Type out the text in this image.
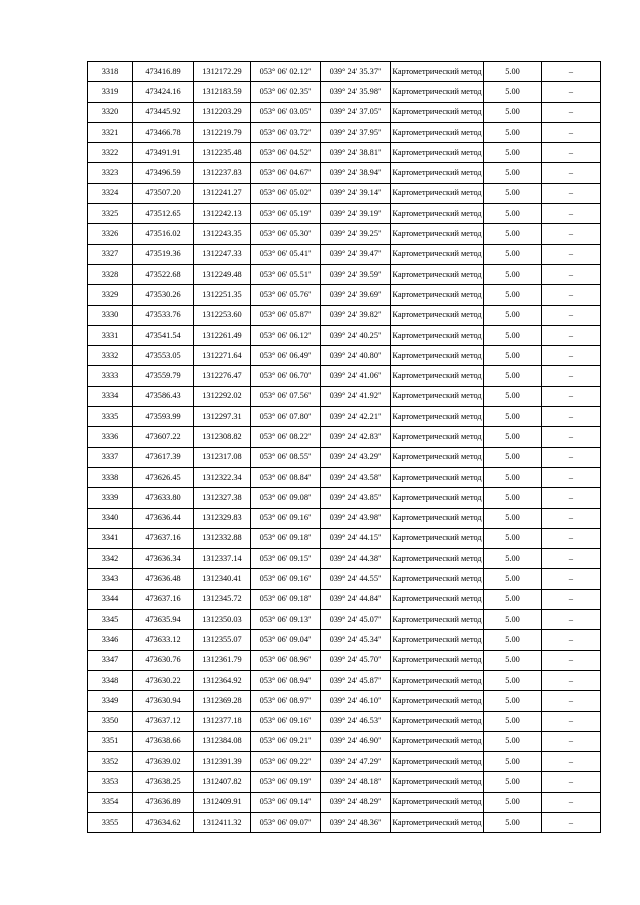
3318	473416.89	1312172.29	053° 06' 02.12"	039° 24' 35.37"	Картометрический метод	5.00	–
3319	473424.16	1312183.59	053° 06' 02.35"	039° 24' 35.98"	Картометрический метод	5.00	–
3320	473445.92	1312203.29	053° 06' 03.05"	039° 24' 37.05"	Картометрический метод	5.00	–
3321	473466.78	1312219.79	053° 06' 03.72"	039° 24' 37.95"	Картометрический метод	5.00	–
3322	473491.91	1312235.48	053° 06' 04.52"	039° 24' 38.81"	Картометрический метод	5.00	–
3323	473496.59	1312237.83	053° 06' 04.67"	039° 24' 38.94"	Картометрический метод	5.00	–
3324	473507.20	1312241.27	053° 06' 05.02"	039° 24' 39.14"	Картометрический метод	5.00	–
3325	473512.65	1312242.13	053° 06' 05.19"	039° 24' 39.19"	Картометрический метод	5.00	–
3326	473516.02	1312243.35	053° 06' 05.30"	039° 24' 39.25"	Картометрический метод	5.00	–
3327	473519.36	1312247.33	053° 06' 05.41"	039° 24' 39.47"	Картометрический метод	5.00	–
3328	473522.68	1312249.48	053° 06' 05.51"	039° 24' 39.59"	Картометрический метод	5.00	–
3329	473530.26	1312251.35	053° 06' 05.76"	039° 24' 39.69"	Картометрический метод	5.00	–
3330	473533.76	1312253.60	053° 06' 05.87"	039° 24' 39.82"	Картометрический метод	5.00	–
3331	473541.54	1312261.49	053° 06' 06.12"	039° 24' 40.25"	Картометрический метод	5.00	–
3332	473553.05	1312271.64	053° 06' 06.49"	039° 24' 40.80"	Картометрический метод	5.00	–
3333	473559.79	1312276.47	053° 06' 06.70"	039° 24' 41.06"	Картометрический метод	5.00	–
3334	473586.43	1312292.02	053° 06' 07.56"	039° 24' 41.92"	Картометрический метод	5.00	–
3335	473593.99	1312297.31	053° 06' 07.80"	039° 24' 42.21"	Картометрический метод	5.00	–
3336	473607.22	1312308.82	053° 06' 08.22"	039° 24' 42.83"	Картометрический метод	5.00	–
3337	473617.39	1312317.08	053° 06' 08.55"	039° 24' 43.29"	Картометрический метод	5.00	–
3338	473626.45	1312322.34	053° 06' 08.84"	039° 24' 43.58"	Картометрический метод	5.00	–
3339	473633.80	1312327.38	053° 06' 09.08"	039° 24' 43.85"	Картометрический метод	5.00	–
3340	473636.44	1312329.83	053° 06' 09.16"	039° 24' 43.98"	Картометрический метод	5.00	–
3341	473637.16	1312332.88	053° 06' 09.18"	039° 24' 44.15"	Картометрический метод	5.00	–
3342	473636.34	1312337.14	053° 06' 09.15"	039° 24' 44.38"	Картометрический метод	5.00	–
3343	473636.48	1312340.41	053° 06' 09.16"	039° 24' 44.55"	Картометрический метод	5.00	–
3344	473637.16	1312345.72	053° 06' 09.18"	039° 24' 44.84"	Картометрический метод	5.00	–
3345	473635.94	1312350.03	053° 06' 09.13"	039° 24' 45.07"	Картометрический метод	5.00	–
3346	473633.12	1312355.07	053° 06' 09.04"	039° 24' 45.34"	Картометрический метод	5.00	–
3347	473630.76	1312361.79	053° 06' 08.96"	039° 24' 45.70"	Картометрический метод	5.00	–
3348	473630.22	1312364.92	053° 06' 08.94"	039° 24' 45.87"	Картометрический метод	5.00	–
3349	473630.94	1312369.28	053° 06' 08.97"	039° 24' 46.10"	Картометрический метод	5.00	–
3350	473637.12	1312377.18	053° 06' 09.16"	039° 24' 46.53"	Картометрический метод	5.00	–
3351	473638.66	1312384.08	053° 06' 09.21"	039° 24' 46.90"	Картометрический метод	5.00	–
3352	473639.02	1312391.39	053° 06' 09.22"	039° 24' 47.29"	Картометрический метод	5.00	–
3353	473638.25	1312407.82	053° 06' 09.19"	039° 24' 48.18"	Картометрический метод	5.00	–
3354	473636.89	1312409.91	053° 06' 09.14"	039° 24' 48.29"	Картометрический метод	5.00	–
3355	473634.62	1312411.32	053° 06' 09.07"	039° 24' 48.36"	Картометрический метод	5.00	–
